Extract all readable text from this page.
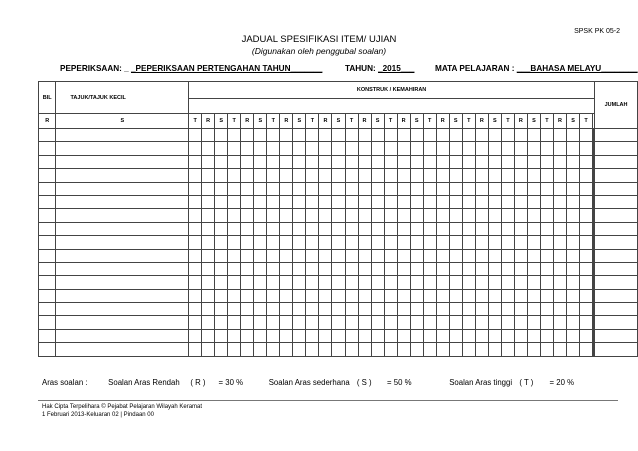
SPSK PK 05-2
JADUAL SPESIFIKASI ITEM/ UJIAN
(Digunakan oleh penggubal soalan)
PEPERIKSAAN: _ _PEPERIKSAAN PERTENGAHAN TAHUN_______	TAHUN: _2015___	MATA PELAJARAN : ___BAHASA MELAYU________
BIL	TAJUK/TAJUK KECIL	KONSTRUK / KEMAHIRAN																																JUMLAH

R	S	T	R	S	T	R	S	T	R	S	T	R	S	T	R	S	T	R	S	T	R	S	T	R	S	T	R	S	T	R	S	T		

Aras soalan :	Soalan Aras Rendah ( R ) = 30 %	Soalan Aras sederhana ( S ) = 50 %	Soalan Aras tinggi ( T ) = 20 %
Hak Cipta Terpelihara © Pejabat Pelajaran Wilayah Keramat
1 Februari 2013-Keluaran 02 | Pindaan 00
